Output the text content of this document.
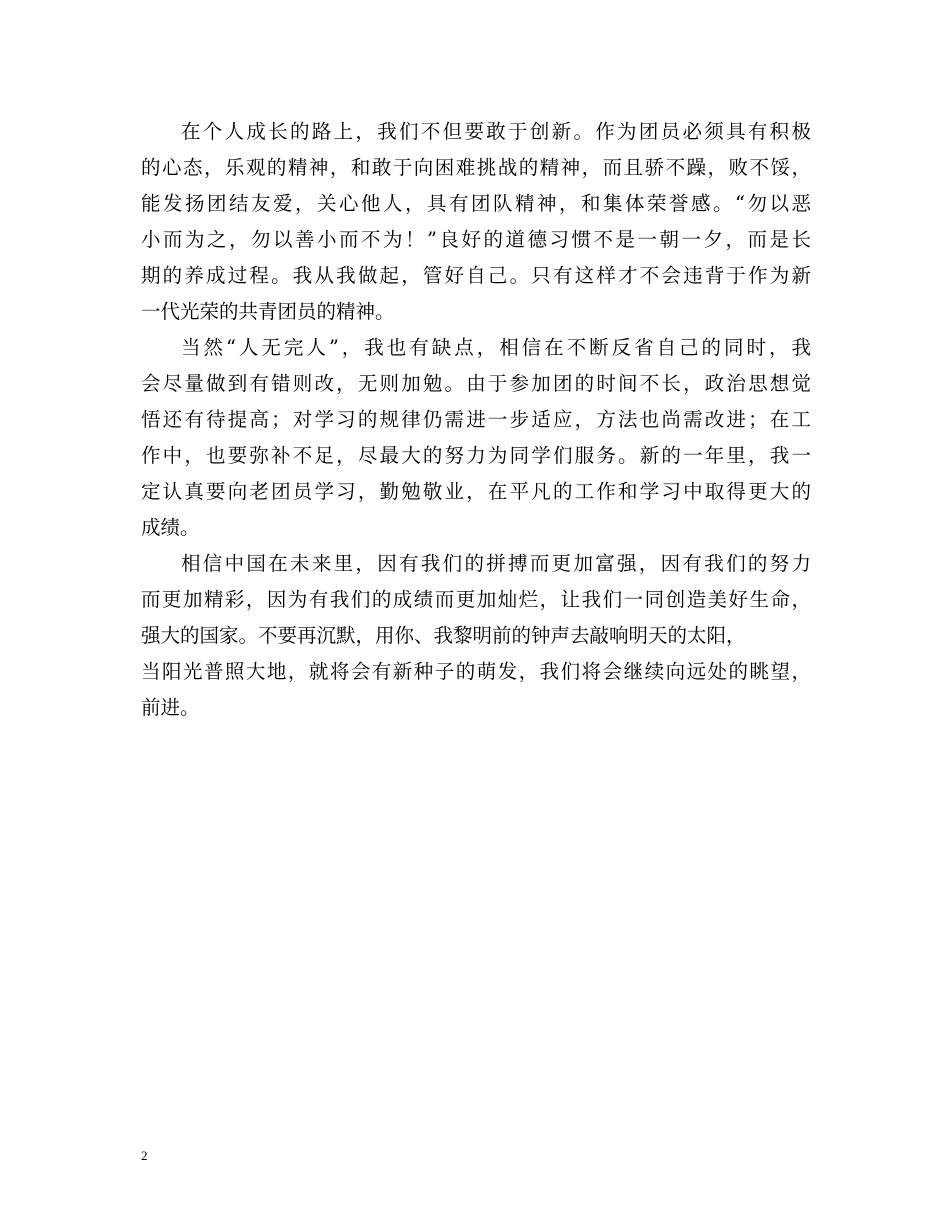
在个人成长的路上，我们不但要敢于创新。作为团员必须具有积极
的心态，乐观的精神，和敢于向困难挑战的精神，而且骄不躁，败不馁，
能发扬团结友爱，关心他人，具有团队精神，和集体荣誉感。“勿以恶
小而为之，勿以善小而不为！”良好的道德习惯不是一朝一夕，而是长
期的养成过程。我从我做起，管好自己。只有这样才不会违背于作为新
一代光荣的共青团员的精神。
当然“人无完人”，我也有缺点，相信在不断反省自己的同时，我
会尽量做到有错则改，无则加勉。由于参加团的时间不长，政治思想觉
悟还有待提高；对学习的规律仍需进一步适应，方法也尚需改进；在工
作中，也要弥补不足，尽最大的努力为同学们服务。新的一年里，我一
定认真要向老团员学习，勤勉敬业，在平凡的工作和学习中取得更大的
成绩。
相信中国在未来里，因有我们的拼搏而更加富强，因有我们的努力
而更加精彩，因为有我们的成绩而更加灿烂，让我们一同创造美好生命，
强大的国家。不要再沉默，用你、我黎明前的钟声去敲响明天的太阳，
当阳光普照大地，就将会有新种子的萌发，我们将会继续向远处的眺望，
前进。
2
